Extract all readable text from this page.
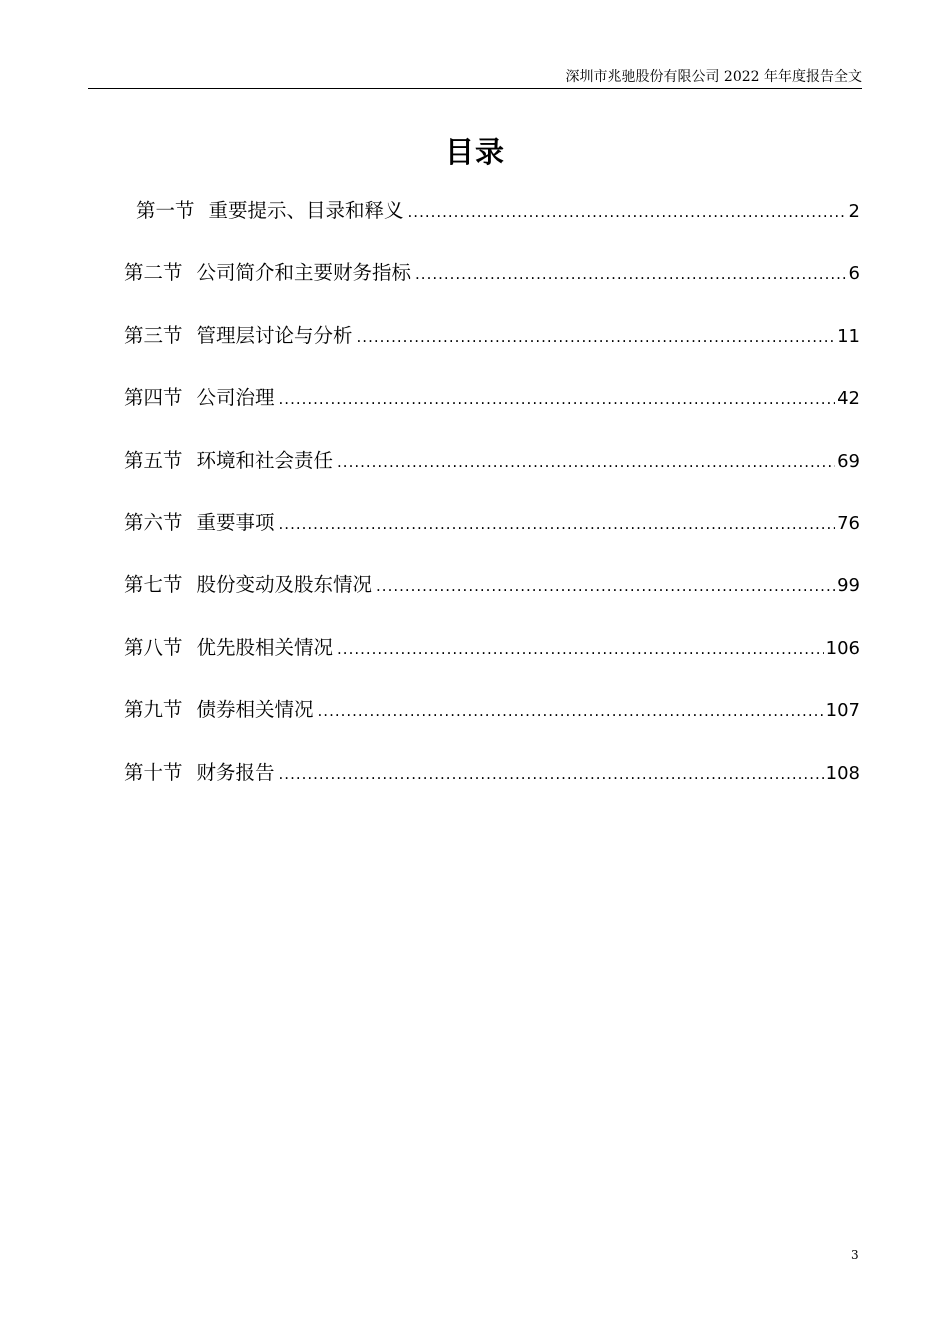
深圳市兆驰股份有限公司 2022 年年度报告全文
目录
第一节 重要提示、目录和释义 .....	2
第二节 公司简介和主要财务指标 .....	6
第三节 管理层讨论与分析 .....	11
第四节 公司治理 .....	42
第五节 环境和社会责任 .....	69
第六节 重要事项 .....	76
第七节 股份变动及股东情况 .....	99
第八节 优先股相关情况 .....	106
第九节 债券相关情况 .....	107
第十节 财务报告 .....	108
3
